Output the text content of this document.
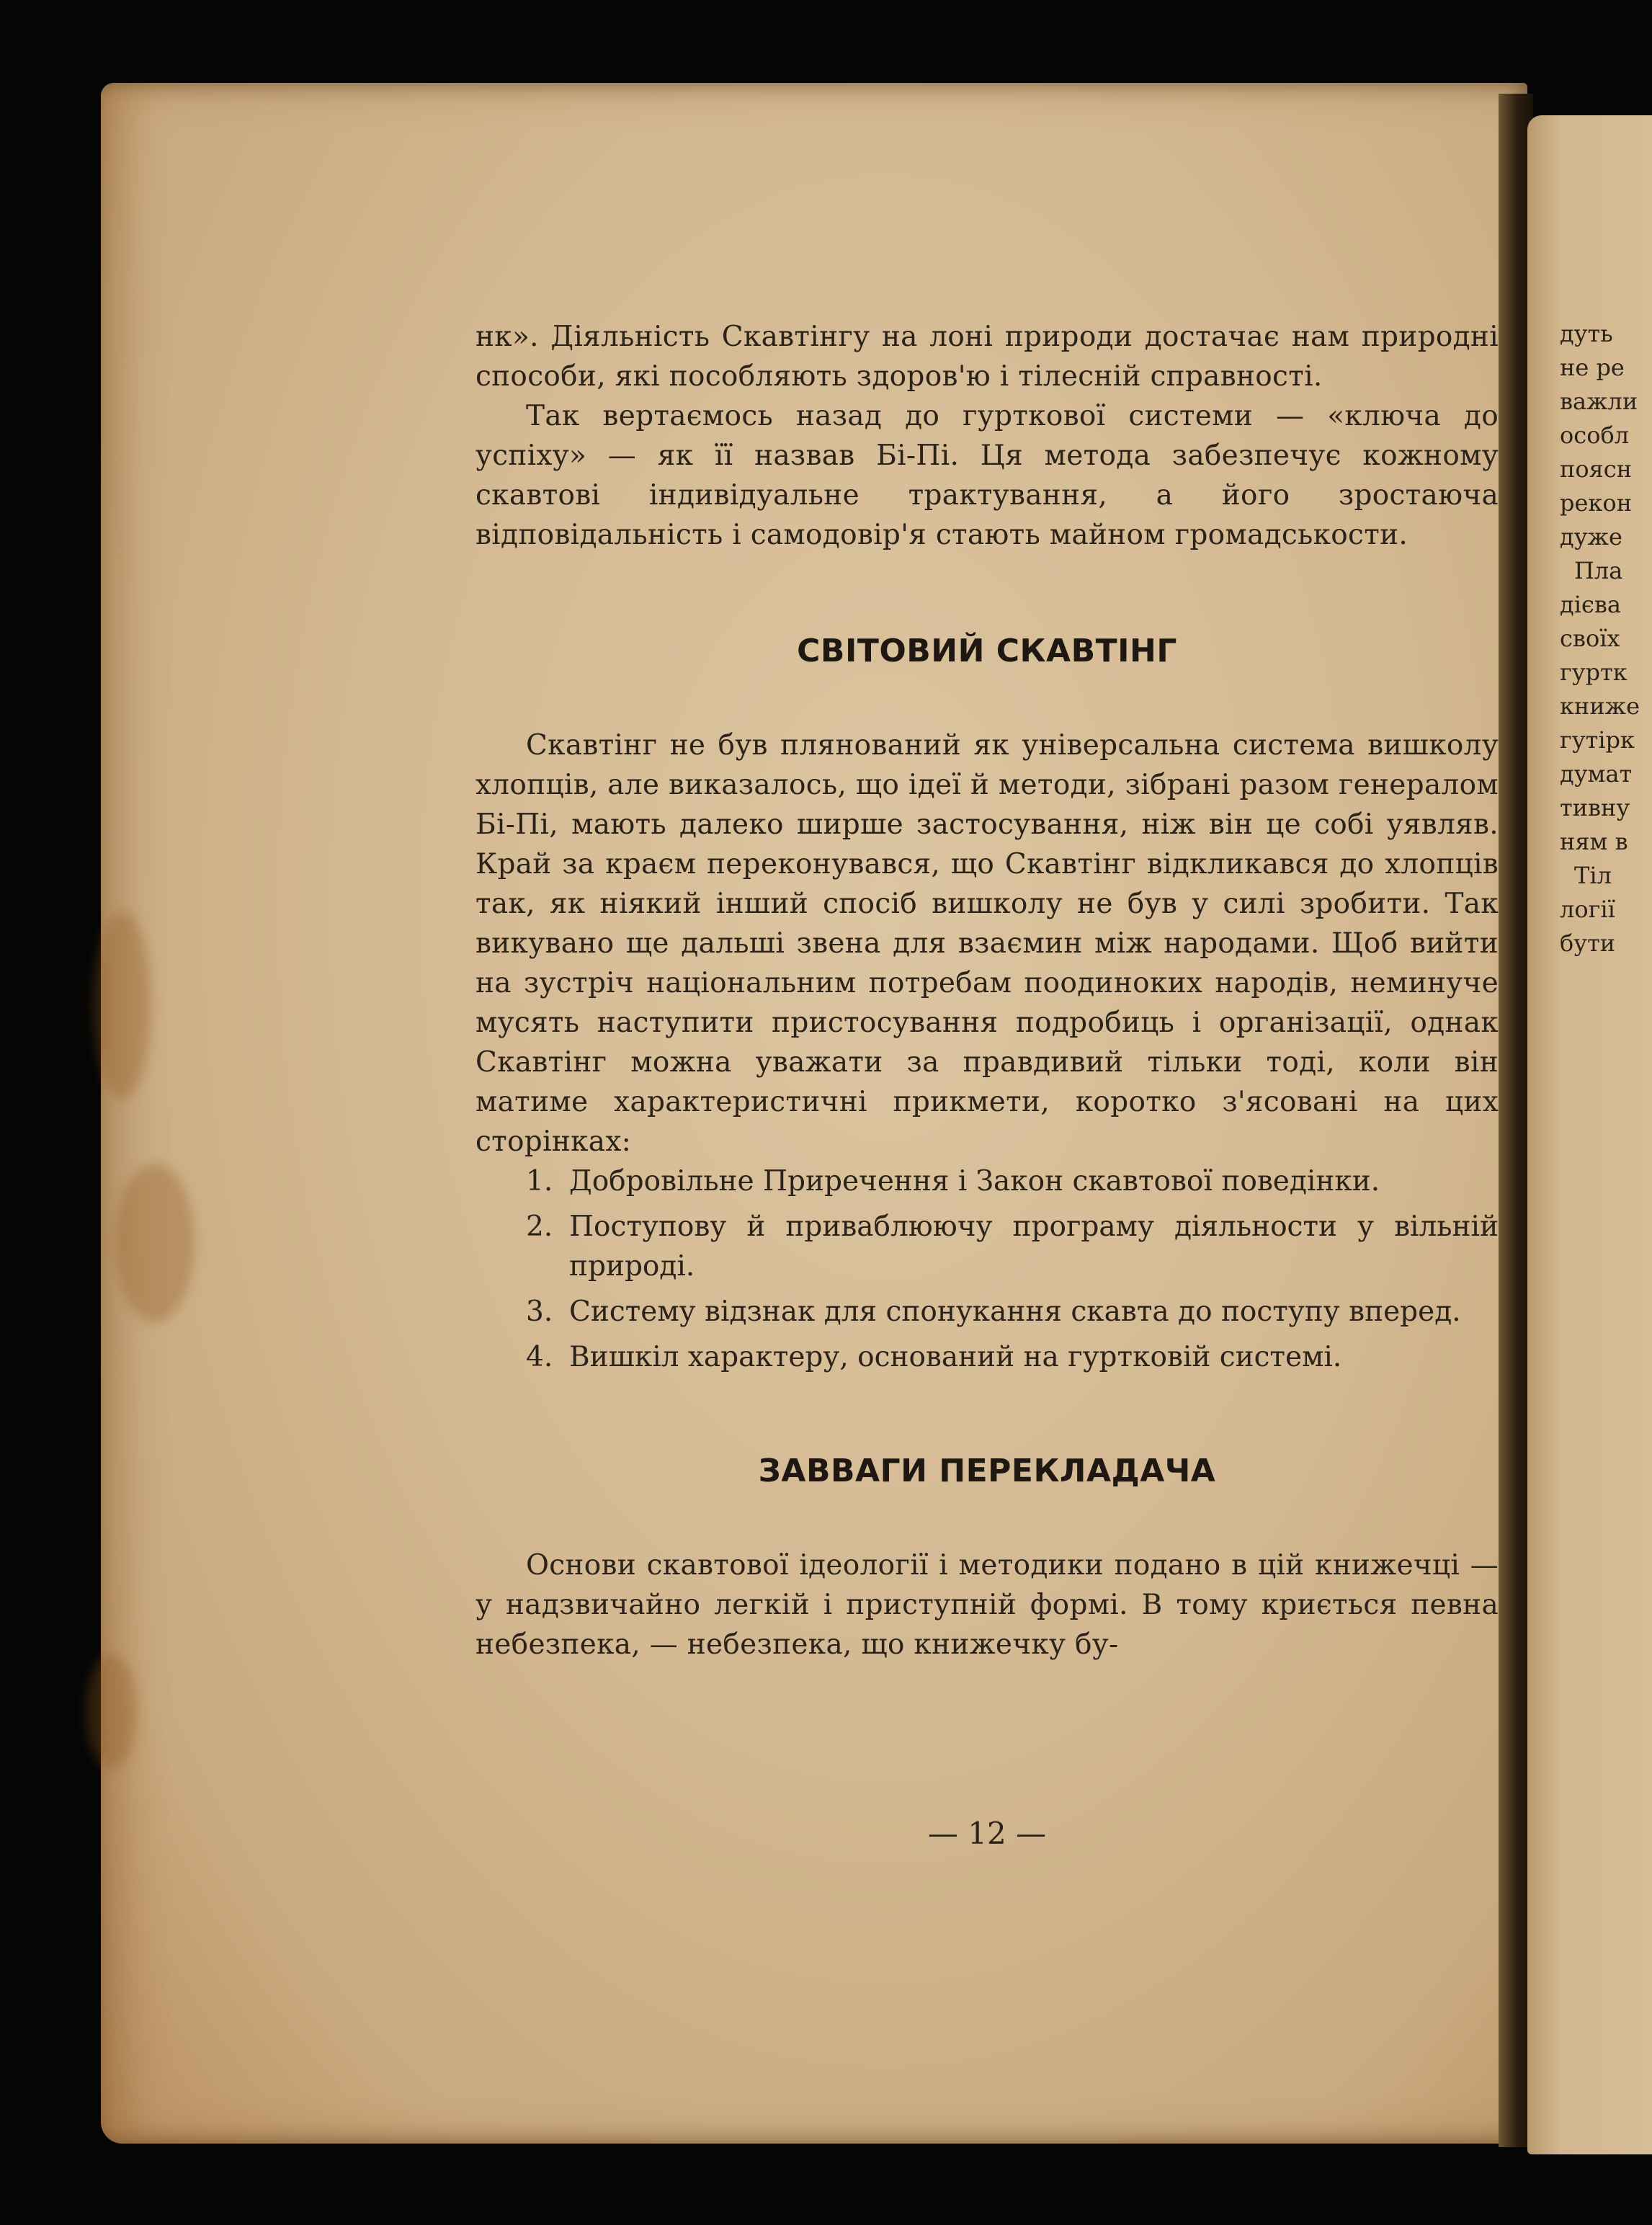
нк». Діяльність Скавтінгу на лоні природи достачає нам природні способи, які пособляють здоров'ю і тілесній справності.

Так вертаємось назад до гурткової системи — «ключа до успіху» — як її назвав Бі-Пі. Ця метода забезпечує кожному скавтові індивідуальне трактування, а його зростаюча відповідальність і самодовір'я стають майном громадськости.

СВІТОВИЙ СКАВТІНГ

Скавтінг не був плянований як універсальна система вишколу хлопців, але виказалось, що ідеї й методи, зібрані разом генералом Бі-Пі, мають далеко ширше застосування, ніж він це собі уявляв. Край за краєм переконувався, що Скавтінг відкликався до хлопців так, як ніякий інший спосіб вишколу не був у силі зробити. Так викувано ще дальші звена для взаємин між народами. Щоб вийти на зустріч національним потребам поодиноких народів, неминуче мусять наступити пристосування подробиць і організації, однак Скавтінг можна уважати за правдивий тільки тоді, коли він матиме характеристичні прикмети, коротко з'ясовані на цих сторінках:

1. Добровільне Приречення і Закон скавтової поведінки.
2. Поступову й приваблюючу програму діяльности у вільній природі.
3. Систему відзнак для спонукання скавта до поступу вперед.
4. Вишкіл характеру, оснований на гуртковій системі.
ЗАВВАГИ ПЕРЕКЛАДАЧА

Основи скавтової ідеології і методики подано в цій книжечці — у надзвичайно легкій і приступній формі. В тому криється певна небезпека, — небезпека, що книжечку бу-

— 12 —
дуть
не ре
важли
особл
поясн
рекон
дуже
Пла
дієва
своїх
гуртк
книже
гутірк
думат
тивну
ням в
Тіл
логії
бути
